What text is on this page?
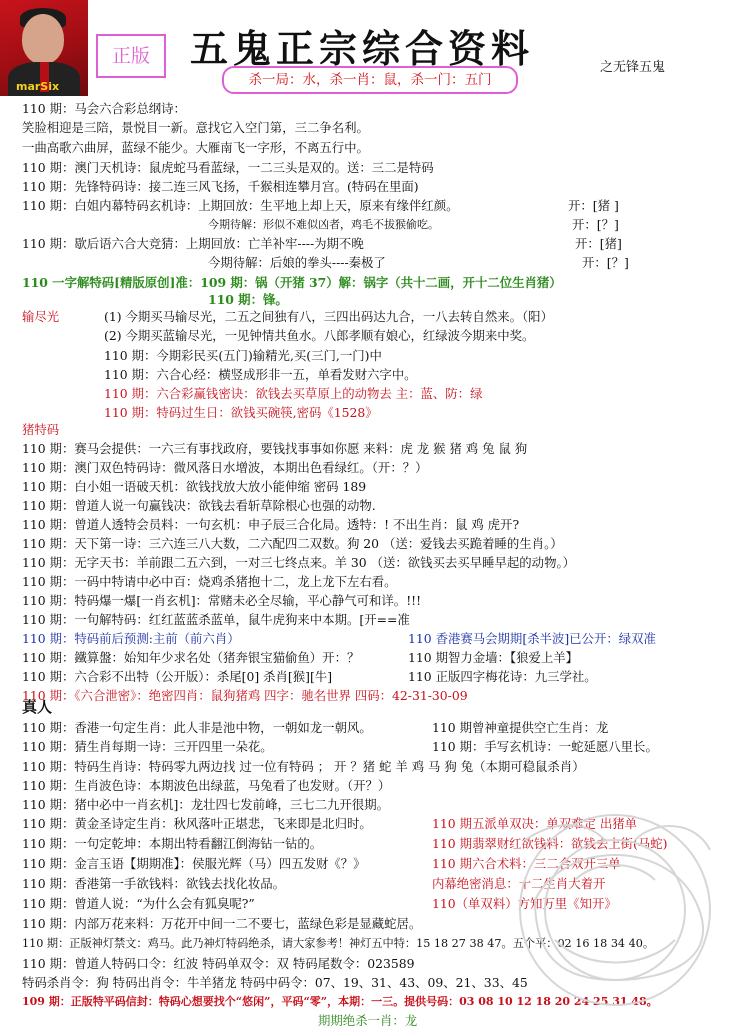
marSix
正版	五鬼正宗综合资料	之无锋五鬼
杀一局：水，杀一肖：鼠，杀一门：五门
输尽光
猪特码
真人
110 期：马会六合彩总纲诗：
笑脸相迎是三陪，景悦目一新。意找它入空门第，三二争名利。
一曲高歌六曲屏，蓝绿不能少。大雁南飞一字形，不离五行中。
110 期：澳门天机诗：鼠虎蛇马看蓝绿，一二三头是双的。送：三二是特码
110 期：先锋特码诗：接二连三风飞扬，千猴相连攀月宫。(特码在里面)
110 期：白姐内幕特码玄机诗：上期回放：生平地上却上天，原来有缘伴红颜。	开：[猪 ]
今期待解：形似不难似凶者，鸡毛不拔猴偷吃。	开：[？]
110 期：歇后语六合大竞猜：上期回放：亡羊补牢----为期不晚	开：[猪]
今期待解：后娘的拳头----秦极了	开：[？]
110 一字解特码[精版原创]准：109 期：锅（开猪 37）解：锅字（共十二画，开十二位生肖猪）
110 期：锋。
(1) 今期买马输尽光，二五之间独有八，三四出码达九合，一八去转自然来。（阳）
(2) 今期买蓝输尽光，一见钟情共鱼水。八郎孝顺有娘心，红绿波今期来中奖。
110 期：今期彩民买(五门)输精光,买(三门,一门)中
110 期：六合心经：横竖成形非一五，单看发财六字中。
110 期：六合彩赢钱密诀：欲钱去买草原上的动物去 主：蓝、防：绿
110 期：特码过生日：欲钱买碗筷,密码《1528》
110 期：赛马会提供：一六三有事找政府，要钱找事事如你愿 来料：虎 龙 猴 猪 鸡 兔 鼠 狗
110 期：澳门双色特码诗：微风落日水增波，本期出色看绿红。（开：？）
110 期：白小姐一语破天机：欲钱找放大放小能伸缩 密码 189
110 期：曾道人说一句赢钱决：欲钱去看斩草除根心也强的动物.
110 期：曾道人透特会员料：一句玄机：申子辰三合化局。透特：! 不出生肖：鼠 鸡 虎开?
110 期：天下第一诗：三六连三八大数，二六配四二双数。狗 20 （送：爱钱去买跪着睡的生肖。）
110 期：无字天书：羊前跟二五六到，一对三七终点来。羊 30 （送：欲钱买去买早睡早起的动物。）
110 期：一码中特请中必中百：烧鸡杀猪抱十二，龙上龙下左右看。
110 期：特码爆一爆[一肖玄机]：常赌未必全尽输，平心静气可和详。!!!
110 期：一句解特码：红红蓝蓝杀蓝单，鼠牛虎狗来中本期。[开==准
110 期：特码前后预测:主前（前六肖）	110 香港赛马会期期[杀半波]已公开：绿双准
110 期：鐵算盤：始知年少求名处（猪奔银宝猫偷鱼）开：？	110 期智力金墙：【狼爱上羊】
110 期：六合彩不出特（公开版）：杀尾[0] 杀肖[猴][牛]	110 正版四字梅花诗：九三学社。
110 期：《六合泄密》：绝密四肖：鼠狗猪鸡 四字：驰名世界 四码：42-31-30-09
110 期：香港一句定生肖：此人非是池中物，一朝如龙一朝风。	110 期曾神童提供空亡生肖：龙
110 期：猜生肖每期一诗：三开四里一朵花。	110 期：手写玄机诗：一蛇延愿八里长。
110 期：特码生肖诗：特码零九两边找 过一位有特码 ； 开 ？猪 蛇 羊 鸡 马 狗 兔（本期可稳鼠杀肖）
110 期：生肖波色诗：本期波色出绿蓝，马兔看了也发财。（开？）
110 期：猪中必中一肖玄机]：龙壮四七发前峰，三七二九开很期。
110 期：黄金圣诗定生肖：秋风落叶正堪悲，飞来即是北归时。	110 期五派单双决：单双难定 出猪单
110 期：一句定乾坤：本期出特看翻江倒海钻一钻的。	110 期翡翠财红欲钱料：欲钱去上街(马蛇)
110 期：金言玉语【期期准】：侯服光辉（马）四五发财《？》	110 期六合术料：三二合双开三单
110 期：香港第一手欲钱料：欲钱去找化妆品。	内幕绝密消息：十二生肖大着开
110 期：曾道人说：“为什么会有狐臭呢?”	110（单双料）方知万里《知开》
110 期：内部万花来料：万花开中间一二不要七，蓝绿色彩是显藏蛇居。
110 期：正版神灯禁文：鸡马。此乃神灯特码绝杀，请大家参考！神灯五中特：15 18 27 38 47。五个平：02 16 18 34 40。
110 期：曾道人特码口令：红波 特码单双令：双 特码尾数令：023589
特码杀肖令：狗 特码出肖令：牛羊猪龙 特码中码令：07、19、31、43、09、21、33、45
109 期：正版特平码信封：特码心想要找个“悠闲”，平码“零”，本期：一三。提供号码：03 08 10 12 18 20 24 25 31 48。
期期绝杀一肖：龙
